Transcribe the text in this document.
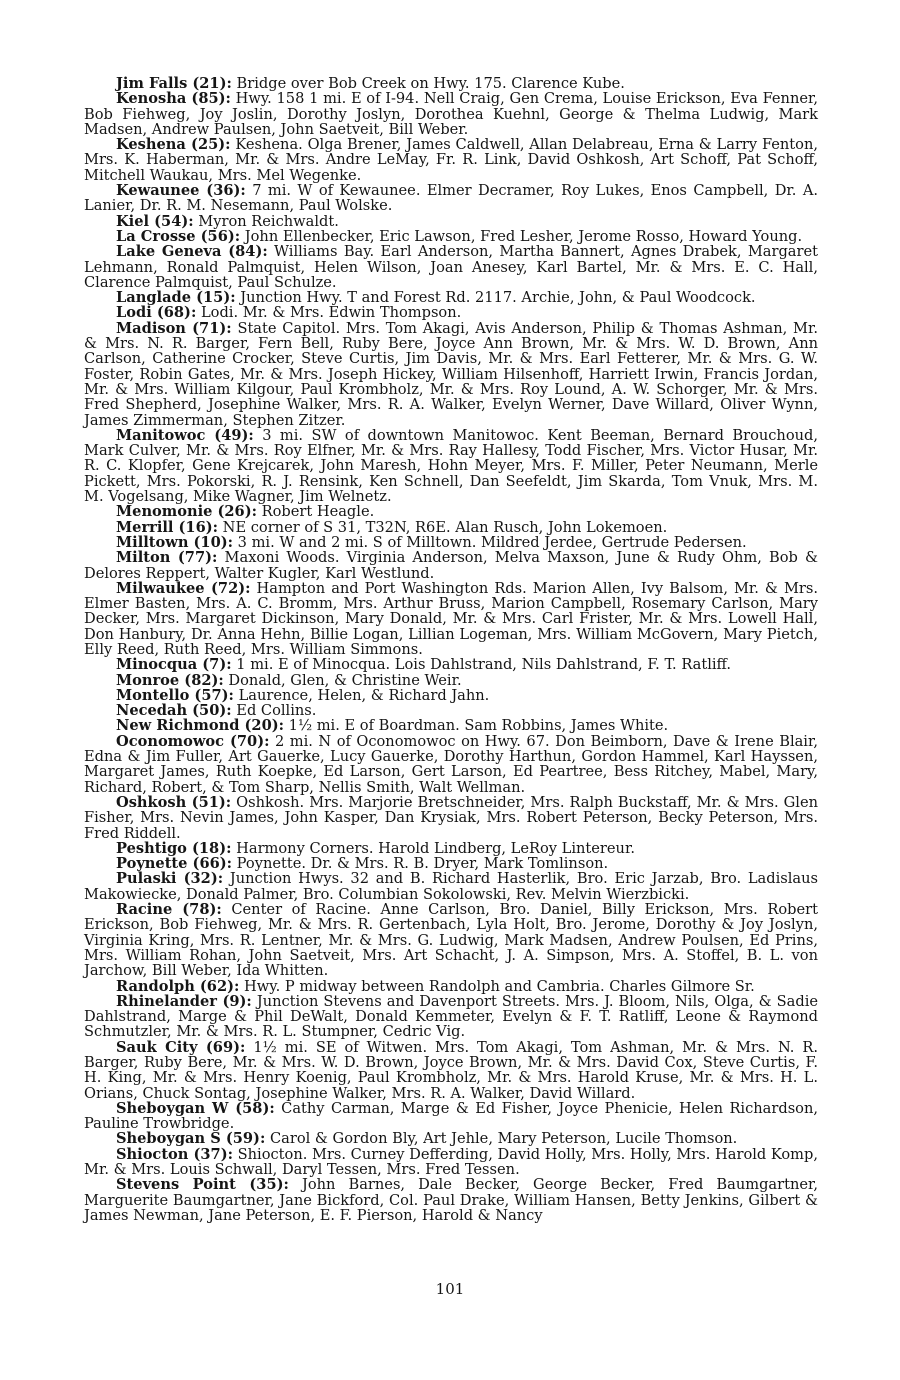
Jim Falls (21): Bridge over Bob Creek on Hwy. 175. Clarence Kube.

Kenosha (85): Hwy. 158 1 mi. E of I-94. Nell Craig, Gen Crema, Louise Erickson, Eva Fenner, Bob Fiehweg, Joy Joslin, Dorothy Joslyn, Dorothea Kuehnl, George & Thelma Ludwig, Mark Madsen, Andrew Paulsen, John Saetveit, Bill Weber.

Keshena (25): Keshena. Olga Brener, James Caldwell, Allan Delabreau, Erna & Larry Fenton, Mrs. K. Haberman, Mr. & Mrs. Andre LeMay, Fr. R. Link, David Oshkosh, Art Schoff, Pat Schoff, Mitchell Waukau, Mrs. Mel Wegenke.

Kewaunee (36): 7 mi. W of Kewaunee. Elmer Decramer, Roy Lukes, Enos Campbell, Dr. A. Lanier, Dr. R. M. Nesemann, Paul Wolske.

Kiel (54): Myron Reichwaldt.

La Crosse (56): John Ellenbecker, Eric Lawson, Fred Lesher, Jerome Rosso, Howard Young.

Lake Geneva (84): Williams Bay. Earl Anderson, Martha Bannert, Agnes Drabek, Margaret Lehmann, Ronald Palmquist, Helen Wilson, Joan Anesey, Karl Bartel, Mr. & Mrs. E. C. Hall, Clarence Palmquist, Paul Schulze.

Langlade (15): Junction Hwy. T and Forest Rd. 2117. Archie, John, & Paul Woodcock.

Lodi (68): Lodi. Mr. & Mrs. Edwin Thompson.

Madison (71): State Capitol. Mrs. Tom Akagi, Avis Anderson, Philip & Thomas Ashman, Mr. & Mrs. N. R. Barger, Fern Bell, Ruby Bere, Joyce Ann Brown, Mr. & Mrs. W. D. Brown, Ann Carlson, Catherine Crocker, Steve Curtis, Jim Davis, Mr. & Mrs. Earl Fetterer, Mr. & Mrs. G. W. Foster, Robin Gates, Mr. & Mrs. Joseph Hickey, William Hilsenhoff, Harriett Irwin, Francis Jordan, Mr. & Mrs. William Kilgour, Paul Krombholz, Mr. & Mrs. Roy Lound, A. W. Schorger, Mr. & Mrs. Fred Shepherd, Josephine Walker, Mrs. R. A. Walker, Evelyn Werner, Dave Willard, Oliver Wynn, James Zimmerman, Stephen Zitzer.

Manitowoc (49): 3 mi. SW of downtown Manitowoc. Kent Beeman, Bernard Brouchoud, Mark Culver, Mr. & Mrs. Roy Elfner, Mr. & Mrs. Ray Hallesy, Todd Fischer, Mrs. Victor Husar, Mr. R. C. Klopfer, Gene Krejcarek, John Maresh, Hohn Meyer, Mrs. F. Miller, Peter Neumann, Merle Pickett, Mrs. Pokorski, R. J. Rensink, Ken Schnell, Dan Seefeldt, Jim Skarda, Tom Vnuk, Mrs. M. M. Vogelsang, Mike Wagner, Jim Welnetz.

Menomonie (26): Robert Heagle.

Merrill (16): NE corner of S 31, T32N, R6E. Alan Rusch, John Lokemoen.

Milltown (10): 3 mi. W and 2 mi. S of Milltown. Mildred Jerdee, Gertrude Pedersen.

Milton (77): Maxoni Woods. Virginia Anderson, Melva Maxson, June & Rudy Ohm, Bob & Delores Reppert, Walter Kugler, Karl Westlund.

Milwaukee (72): Hampton and Port Washington Rds. Marion Allen, Ivy Balsom, Mr. & Mrs. Elmer Basten, Mrs. A. C. Bromm, Mrs. Arthur Bruss, Marion Campbell, Rosemary Carlson, Mary Decker, Mrs. Margaret Dickinson, Mary Donald, Mr. & Mrs. Carl Frister, Mr. & Mrs. Lowell Hall, Don Hanbury, Dr. Anna Hehn, Billie Logan, Lillian Logeman, Mrs. William McGovern, Mary Pietch, Elly Reed, Ruth Reed, Mrs. William Simmons.

Minocqua (7): 1 mi. E of Minocqua. Lois Dahlstrand, Nils Dahlstrand, F. T. Ratliff.

Monroe (82): Donald, Glen, & Christine Weir.

Montello (57): Laurence, Helen, & Richard Jahn.

Necedah (50): Ed Collins.

New Richmond (20): 1½ mi. E of Boardman. Sam Robbins, James White.

Oconomowoc (70): 2 mi. N of Oconomowoc on Hwy. 67. Don Beimborn, Dave & Irene Blair, Edna & Jim Fuller, Art Gauerke, Lucy Gauerke, Dorothy Harthun, Gordon Hammel, Karl Hayssen, Margaret James, Ruth Koepke, Ed Larson, Gert Larson, Ed Peartree, Bess Ritchey, Mabel, Mary, Richard, Robert, & Tom Sharp, Nellis Smith, Walt Wellman.

Oshkosh (51): Oshkosh. Mrs. Marjorie Bretschneider, Mrs. Ralph Buckstaff, Mr. & Mrs. Glen Fisher, Mrs. Nevin James, John Kasper, Dan Krysiak, Mrs. Robert Peterson, Becky Peterson, Mrs. Fred Riddell.

Peshtigo (18): Harmony Corners. Harold Lindberg, LeRoy Lintereur.

Poynette (66): Poynette. Dr. & Mrs. R. B. Dryer, Mark Tomlinson.

Pulaski (32): Junction Hwys. 32 and B. Richard Hasterlik, Bro. Eric Jarzab, Bro. Ladislaus Makowiecke, Donald Palmer, Bro. Columbian Sokolowski, Rev. Melvin Wierzbicki.

Racine (78): Center of Racine. Anne Carlson, Bro. Daniel, Billy Erickson, Mrs. Robert Erickson, Bob Fiehweg, Mr. & Mrs. R. Gertenbach, Lyla Holt, Bro. Jerome, Dorothy & Joy Joslyn, Virginia Kring, Mrs. R. Lentner, Mr. & Mrs. G. Ludwig, Mark Madsen, Andrew Poulsen, Ed Prins, Mrs. William Rohan, John Saetveit, Mrs. Art Schacht, J. A. Simpson, Mrs. A. Stoffel, B. L. von Jarchow, Bill Weber, Ida Whitten.

Randolph (62): Hwy. P midway between Randolph and Cambria. Charles Gilmore Sr.

Rhinelander (9): Junction Stevens and Davenport Streets. Mrs. J. Bloom, Nils, Olga, & Sadie Dahlstrand, Marge & Phil DeWalt, Donald Kemmeter, Evelyn & F. T. Ratliff, Leone & Raymond Schmutzler, Mr. & Mrs. R. L. Stumpner, Cedric Vig.

Sauk City (69): 1½ mi. SE of Witwen. Mrs. Tom Akagi, Tom Ashman, Mr. & Mrs. N. R. Barger, Ruby Bere, Mr. & Mrs. W. D. Brown, Joyce Brown, Mr. & Mrs. David Cox, Steve Curtis, F. H. King, Mr. & Mrs. Henry Koenig, Paul Krombholz, Mr. & Mrs. Harold Kruse, Mr. & Mrs. H. L. Orians, Chuck Sontag, Josephine Walker, Mrs. R. A. Walker, David Willard.

Sheboygan W (58): Cathy Carman, Marge & Ed Fisher, Joyce Phenicie, Helen Richardson, Pauline Trowbridge.

Sheboygan S (59): Carol & Gordon Bly, Art Jehle, Mary Peterson, Lucile Thomson.

Shiocton (37): Shiocton. Mrs. Curney Defferding, David Holly, Mrs. Holly, Mrs. Harold Komp, Mr. & Mrs. Louis Schwall, Daryl Tessen, Mrs. Fred Tessen.

Stevens Point (35): John Barnes, Dale Becker, George Becker, Fred Baumgartner, Marguerite Baumgartner, Jane Bickford, Col. Paul Drake, William Hansen, Betty Jenkins, Gilbert & James Newman, Jane Peterson, E. F. Pierson, Harold & Nancy

101
